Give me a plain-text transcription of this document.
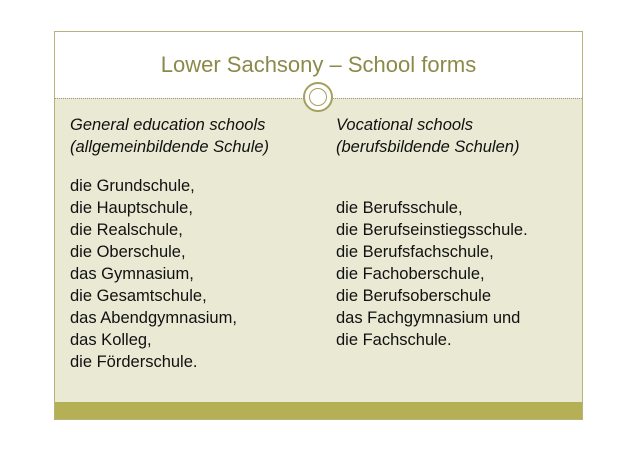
Lower Sachsony – School forms
General education schools
(allgemeinbildende Schule)
die Grundschule,
die Hauptschule,
die Realschule,
die Oberschule,
das Gymnasium,
die Gesamtschule,
das Abendgymnasium,
das Kolleg,
die Förderschule.
Vocational schools
(berufsbildende Schulen)
die Berufsschule,
die Berufseinstiegsschule.
die Berufsfachschule,
die Fachoberschule,
die Berufsoberschule
das Fachgymnasium und
die Fachschule.
